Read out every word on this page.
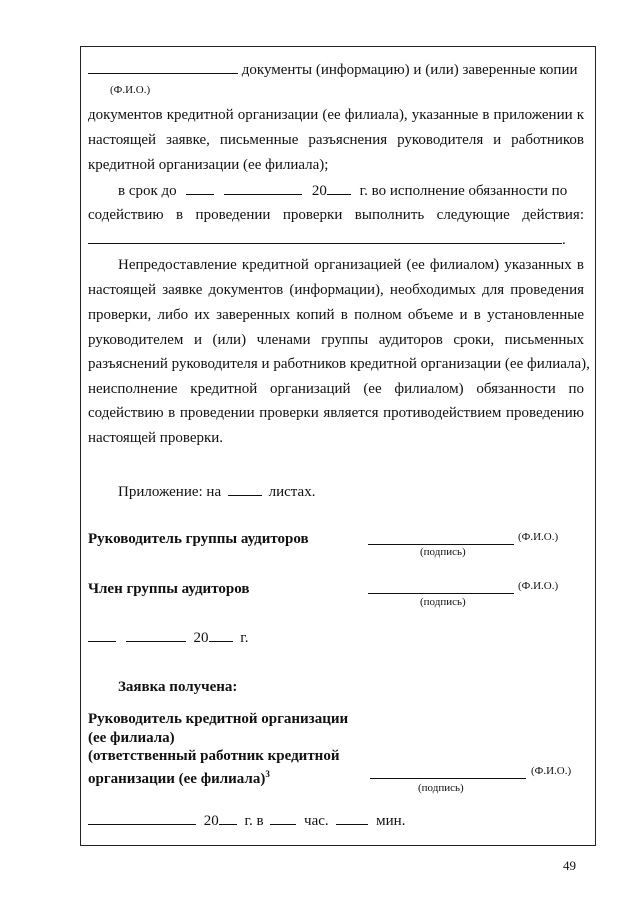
документы (информацию) и (или) заверенные копии
(Ф.И.О.)
документов кредитной организации (ее филиала), указанные в приложении к
настоящей заявке, письменные разъяснения руководителя и работников
кредитной организации (ее филиала);
в срок до	20 г. во исполнение обязанности по
содействию в проведении проверки выполнить следующие действия:
.
Непредоставление кредитной организацией (ее филиалом) указанных в
настоящей заявке документов (информации), необходимых для проведения
проверки, либо их заверенных копий в полном объеме и в установленные
руководителем и (или) членами группы аудиторов сроки, письменных
разъяснений руководителя и работников кредитной организации (ее филиала),
неисполнение кредитной организаций (ее филиалом) обязанности по
содействию в проведении проверки является противодействием проведению
настоящей проверки.
Приложение: на	листах.
Руководитель группы аудиторов	(Ф.И.О.)
(подпись)
Член группы аудиторов	(Ф.И.О.)
(подпись)
20 г.
Заявка получена:
Руководитель кредитной организации
(ее филиала)
(ответственный работник кредитной
организации (ее филиала)$^3$	(Ф.И.О.)
(подпись)
20 г. в	час.	мин.
49
